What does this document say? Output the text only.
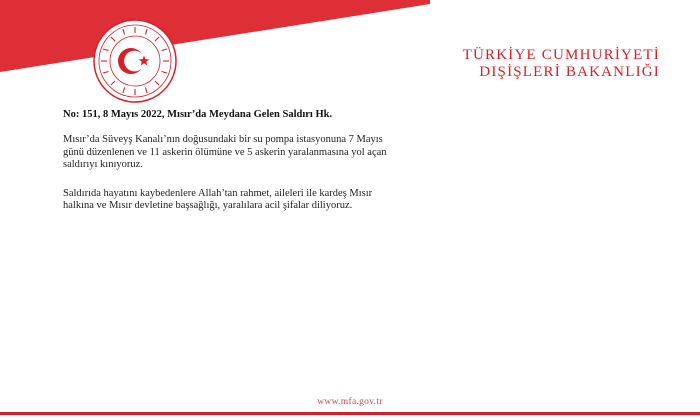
TÜRKİYE CUMHURİYETİ
DIŞİŞLERİ BAKANLIĞI

No: 151, 8 Mayıs 2022, Mısır’da Meydana Gelen Saldırı Hk.

Mısır’da Süveyş Kanalı’nın doğusundaki bir su pompa istasyonuna 7 Mayıs
günü düzenlenen ve 11 askerin ölümüne ve 5 askerin yaralanmasına yol açan
saldırıyı kınıyoruz.

Saldırıda hayatını kaybedenlere Allah’tan rahmet, aileleri ile kardeş Mısır
halkına ve Mısır devletine başsağlığı, yaralılara acil şifalar diliyoruz.

www.mfa.gov.tr
